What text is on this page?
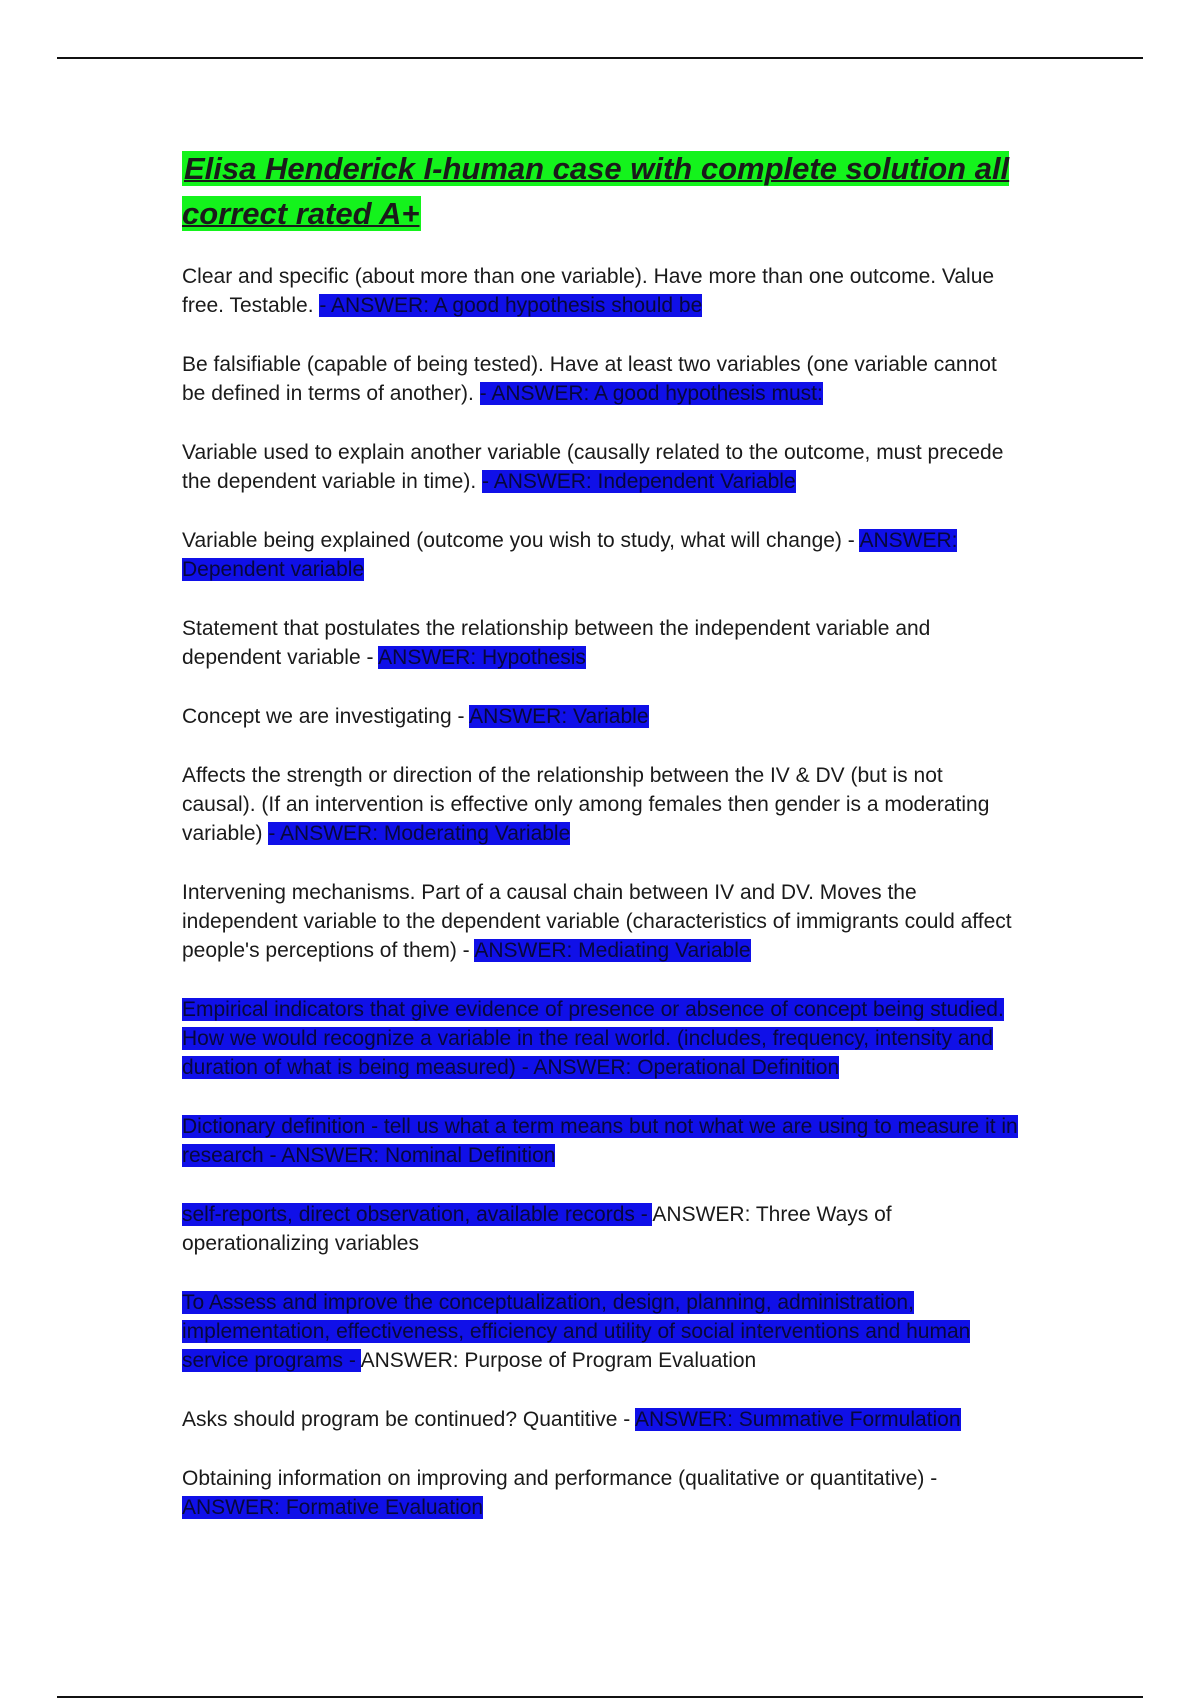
Elisa Henderick I-human case with complete solution all correct rated A+

Clear and specific (about more than one variable). Have more than one outcome. Value free. Testable. - ANSWER: A good hypothesis should be

Be falsifiable (capable of being tested). Have at least two variables (one variable cannot be defined in terms of another). - ANSWER: A good hypothesis must:

Variable used to explain another variable (causally related to the outcome, must precede the dependent variable in time). - ANSWER: Independent Variable

Variable being explained (outcome you wish to study, what will change) - ANSWER: Dependent variable

Statement that postulates the relationship between the independent variable and dependent variable - ANSWER: Hypothesis

Concept we are investigating - ANSWER: Variable

Affects the strength or direction of the relationship between the IV & DV (but is not causal). (If an intervention is effective only among females then gender is a moderating variable) - ANSWER: Moderating Variable

Intervening mechanisms. Part of a causal chain between IV and DV. Moves the independent variable to the dependent variable (characteristics of immigrants could affect people's perceptions of them) - ANSWER: Mediating Variable

Empirical indicators that give evidence of presence or absence of concept being studied. How we would recognize a variable in the real world. (includes, frequency, intensity and duration of what is being measured) - ANSWER: Operational Definition

Dictionary definition - tell us what a term means but not what we are using to measure it in research - ANSWER: Nominal Definition

self-reports, direct observation, available records - ANSWER: Three Ways of operationalizing variables

To Assess and improve the conceptualization, design, planning, administration, implementation, effectiveness, efficiency and utility of social interventions and human service programs - ANSWER: Purpose of Program Evaluation

Asks should program be continued? Quantitive - ANSWER: Summative Formulation

Obtaining information on improving and performance (qualitative or quantitative) - ANSWER: Formative Evaluation
